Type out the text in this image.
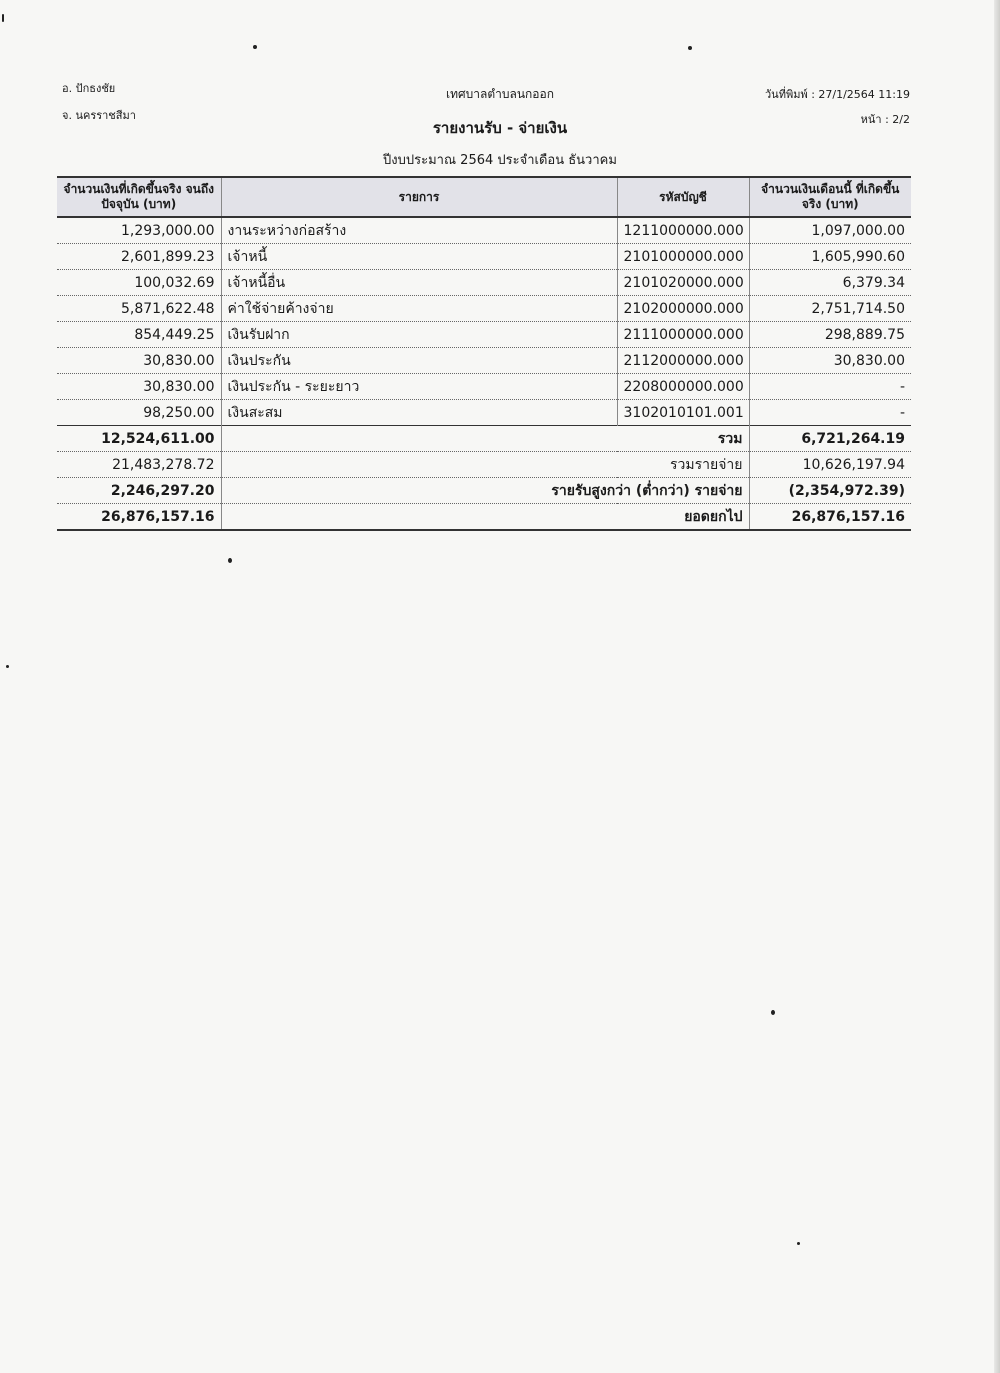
อ. ปักธงชัย
จ. นครราชสีมา
เทศบาลตำบลนกออก	วันที่พิมพ์ : 27/1/2564 11:19
หน้า : 2/2
รายงานรับ - จ่ายเงิน
ปีงบประมาณ 2564 ประจำเดือน ธันวาคม
จำนวนเงินที่เกิดขึ้นจริง จนถึงปัจจุบัน (บาท)	รายการ	รหัสบัญชี	จำนวนเงินเดือนนี้ ที่เกิดขึ้นจริง (บาท)
1,293,000.00	งานระหว่างก่อสร้าง	1211000000.000	1,097,000.00
2,601,899.23	เจ้าหนี้	2101000000.000	1,605,990.60
100,032.69	เจ้าหนี้อื่น	2101020000.000	6,379.34
5,871,622.48	ค่าใช้จ่ายค้างจ่าย	2102000000.000	2,751,714.50
854,449.25	เงินรับฝาก	2111000000.000	298,889.75
30,830.00	เงินประกัน	2112000000.000	30,830.00
30,830.00	เงินประกัน - ระยะยาว	2208000000.000	-
98,250.00	เงินสะสม	3102010101.001	-
12,524,611.00	รวม		6,721,264.19
21,483,278.72	รวมรายจ่าย		10,626,197.94
2,246,297.20	รายรับสูงกว่า (ต่ำกว่า) รายจ่าย		(2,354,972.39)
26,876,157.16	ยอดยกไป		26,876,157.16
